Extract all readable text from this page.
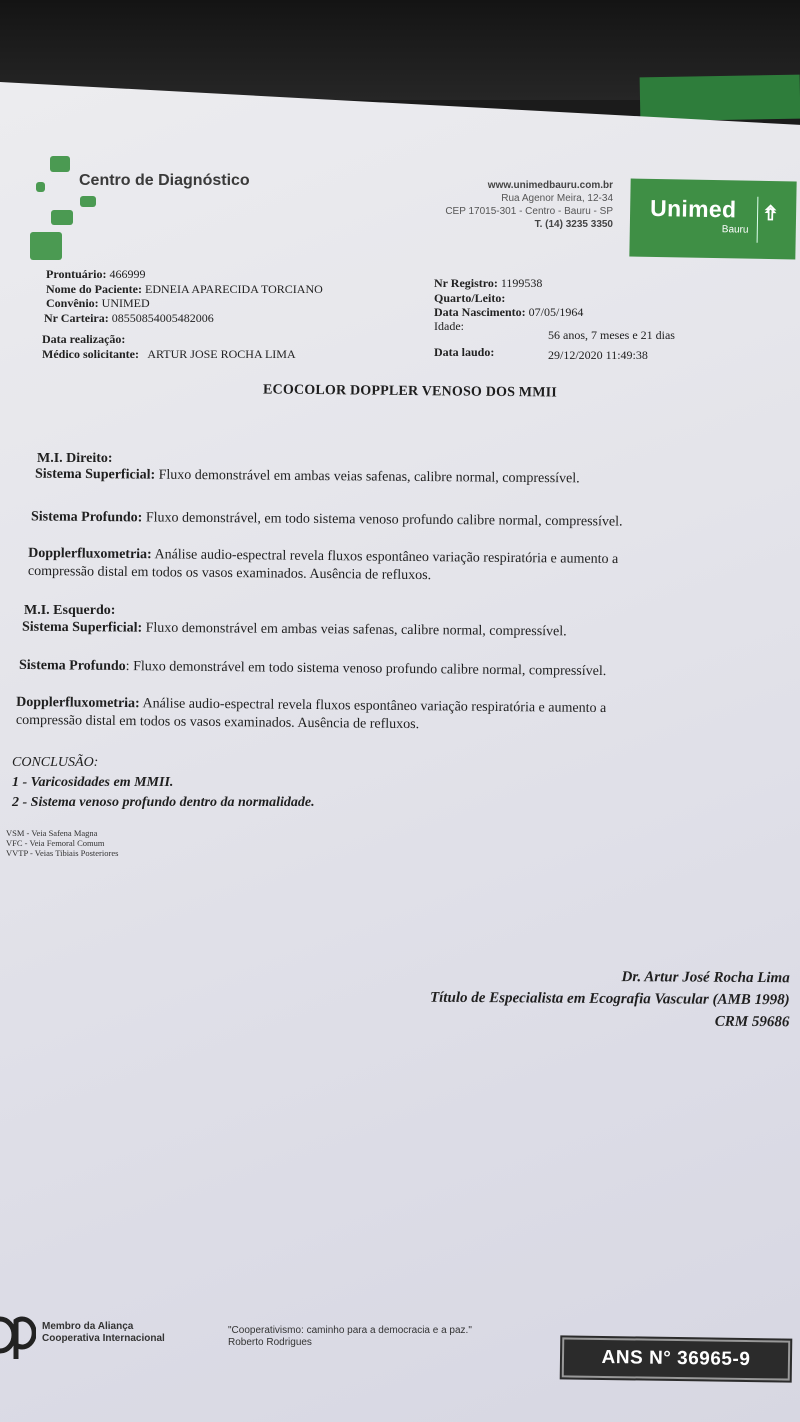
Centro de Diagnóstico	www.unimedbauru.com.br
Rua Agenor Meira, 12-34
CEP 17015-301 - Centro - Bauru - SP
T. (14) 3235 3350
Unimed ⇮
Bauru
Prontuário: 466999
Nome do Paciente: EDNEIA APARECIDA TORCIANO
Convênio: UNIMED
Nr Carteira: 08550854005482006
Data realização:
Médico solicitante: ARTUR JOSE ROCHA LIMA
Nr Registro: 1199538
Quarto/Leito:
Data Nascimento: 07/05/1964
Idade:
56 anos, 7 meses e 21 dias
Data laudo:	29/12/2020 11:49:38
ECOCOLOR DOPPLER VENOSO DOS MMII
M.I. Direito:
Sistema Superficial: Fluxo demonstrável em ambas veias safenas, calibre normal, compressível.
Sistema Profundo: Fluxo demonstrável, em todo sistema venoso profundo calibre normal, compressível.
Dopplerfluxometria: Análise audio-espectral revela fluxos espontâneo variação respiratória e aumento a
compressão distal em todos os vasos examinados. Ausência de refluxos.
M.I. Esquerdo:
Sistema Superficial: Fluxo demonstrável em ambas veias safenas, calibre normal, compressível.
Sistema Profundo: Fluxo demonstrável em todo sistema venoso profundo calibre normal, compressível.
Dopplerfluxometria: Análise audio-espectral revela fluxos espontâneo variação respiratória e aumento a
compressão distal em todos os vasos examinados. Ausência de refluxos.
CONCLUSÃO:
1 - Varicosidades em MMII.
2 - Sistema venoso profundo dentro da normalidade.
VSM - Veia Safena Magna
VFC - Veia Femoral Comum
VVTP - Veias Tibiais Posteriores
Dr. Artur José Rocha Lima
Título de Especialista em Ecografia Vascular (AMB 1998)
CRM 59686
Membro da Aliança
Cooperativa Internacional
"Cooperativismo: caminho para a democracia e a paz."
Roberto Rodrigues
ANS N° 36965-9
